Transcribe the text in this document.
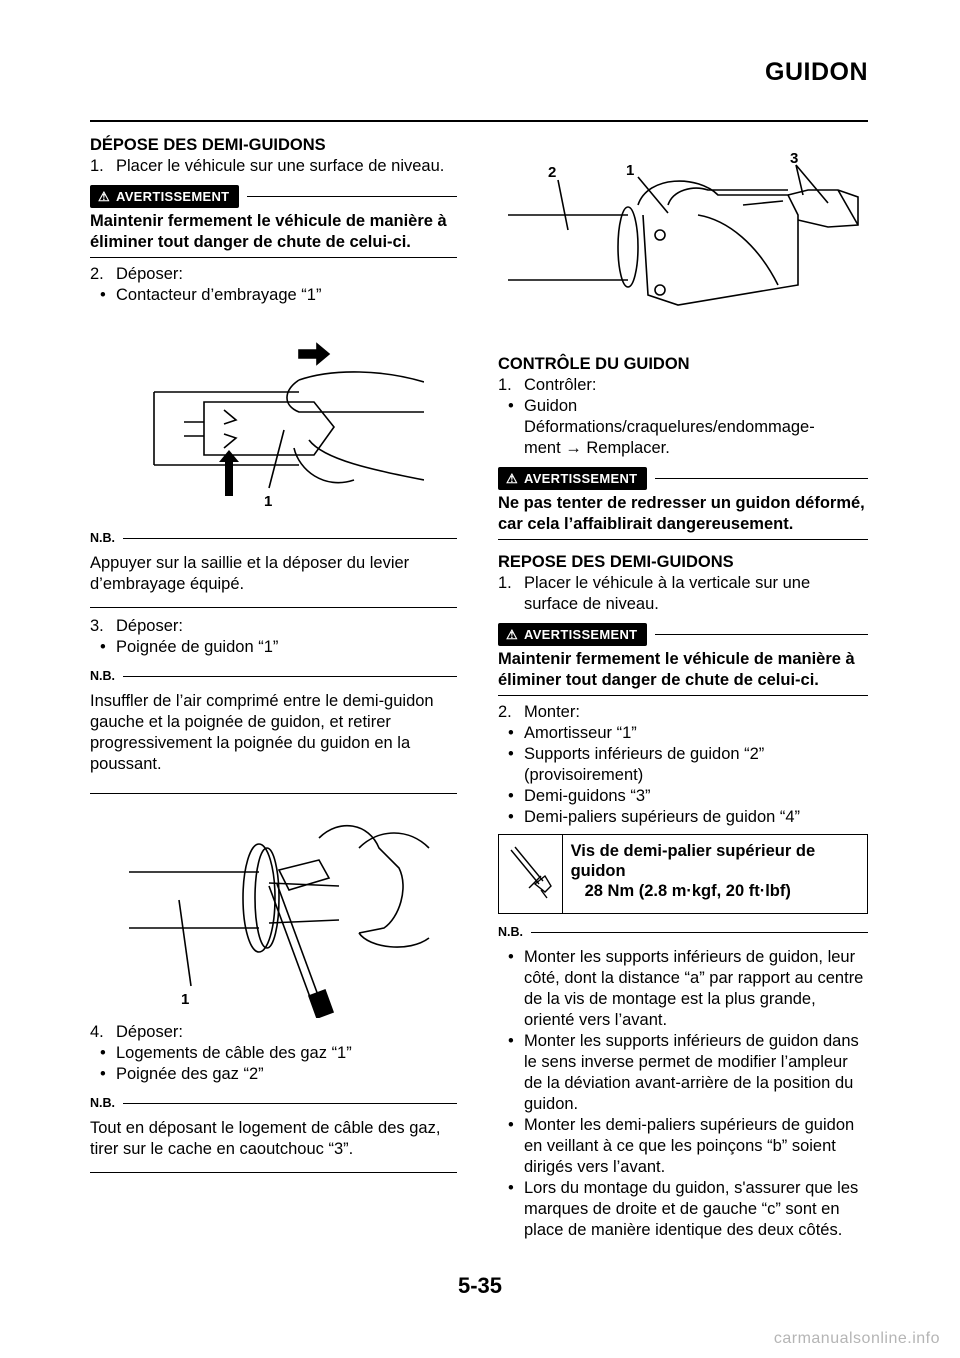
GUIDON
DÉPOSE DES DEMI-GUIDONS
1. Placer le véhicule sur une surface de niveau.
⚠ AVERTISSEMENT
Maintenir fermement le véhicule de manière à éliminer tout danger de chute de celui-ci.
2. Déposer:
• Contacteur d’embrayage “1”
1
N.B.
Appuyer sur la saillie et la déposer du levier d’embrayage équipé.
3. Déposer:
• Poignée de guidon “1”
N.B.
Insuffler de l’air comprimé entre le demi-guidon gauche et la poignée de guidon, et retirer progressivement la poignée du guidon en la poussant.
1
4. Déposer:
• Logements de câble des gaz “1”
• Poignée des gaz “2”
N.B.
Tout en déposant le logement de câble des gaz, tirer sur le cache en caoutchouc “3”.
2	1
3
CONTRÔLE DU GUIDON
1. Contrôler:
• Guidon
Déformations/craquelures/endommage-
ment → Remplacer.
⚠ AVERTISSEMENT
Ne pas tenter de redresser un guidon déformé, car cela l’affaiblirait dangereusement.
REPOSE DES DEMI-GUIDONS
1. Placer le véhicule à la verticale sur une surface de niveau.
⚠ AVERTISSEMENT
Maintenir fermement le véhicule de manière à éliminer tout danger de chute de celui-ci.
2. Monter:
• Amortisseur “1”
• Supports inférieurs de guidon “2” (provisoirement)
• Demi-guidons “3”
• Demi-paliers supérieurs de guidon “4”
Vis de demi-palier supérieur de guidon
28 Nm (2.8 m·kgf, 20 ft·lbf)
N.B.
• Monter les supports inférieurs de guidon, leur côté, dont la distance “a” par rapport au centre de la vis de montage est la plus grande, orienté vers l’avant.
• Monter les supports inférieurs de guidon dans le sens inverse permet de modifier l’ampleur de la déviation avant-arrière de la position du guidon.
• Monter les demi-paliers supérieurs de guidon en veillant à ce que les poinçons “b” soient dirigés vers l’avant.
• Lors du montage du guidon, s'assurer que les marques de droite et de gauche “c” sont en place de manière identique des deux côtés.
5-35
carmanualsonline.info
